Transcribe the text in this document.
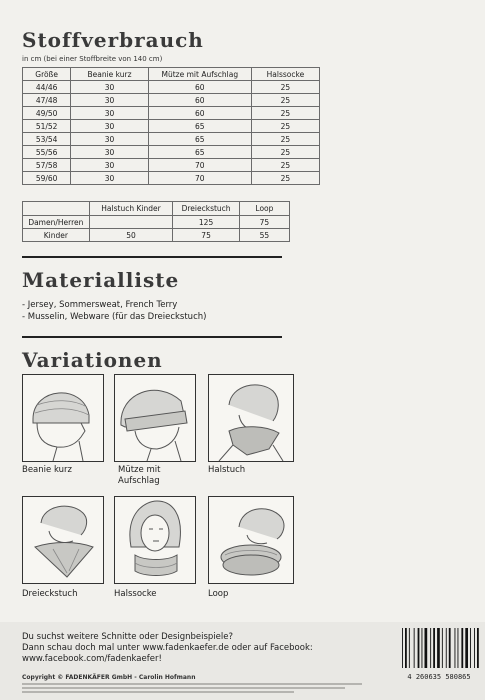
Stoffverbrauch
in cm (bei einer Stoffbreite von 140 cm)
Größe	Beanie kurz	Mütze mit Aufschlag	Halssocke
44/46	30	60	25
47/48	30	60	25
49/50	30	60	25
51/52	30	65	25
53/54	30	65	25
55/56	30	65	25
57/58	30	70	25
59/60	30	70	25
	Halstuch Kinder	Dreieckstuch	Loop
Damen/Herren		125	75
Kinder	50	75	55
Materialliste
- Jersey, Sommersweat, French Terry
- Musselin, Webware (für das Dreieckstuch)
Variationen
Beanie kurz	Mütze mit Aufschlag
Halstuch
Dreieckstuch	Halssocke	Loop
Du suchst weitere Schnitte oder Designbeispiele?
Dann schau doch mal unter www.fadenkaefer.de oder auf Facebook:
www.facebook.com/fadenkaefer!
Copyright © FADENKÄFER GmbH - Carolin Hofmann	4 260635 580865
